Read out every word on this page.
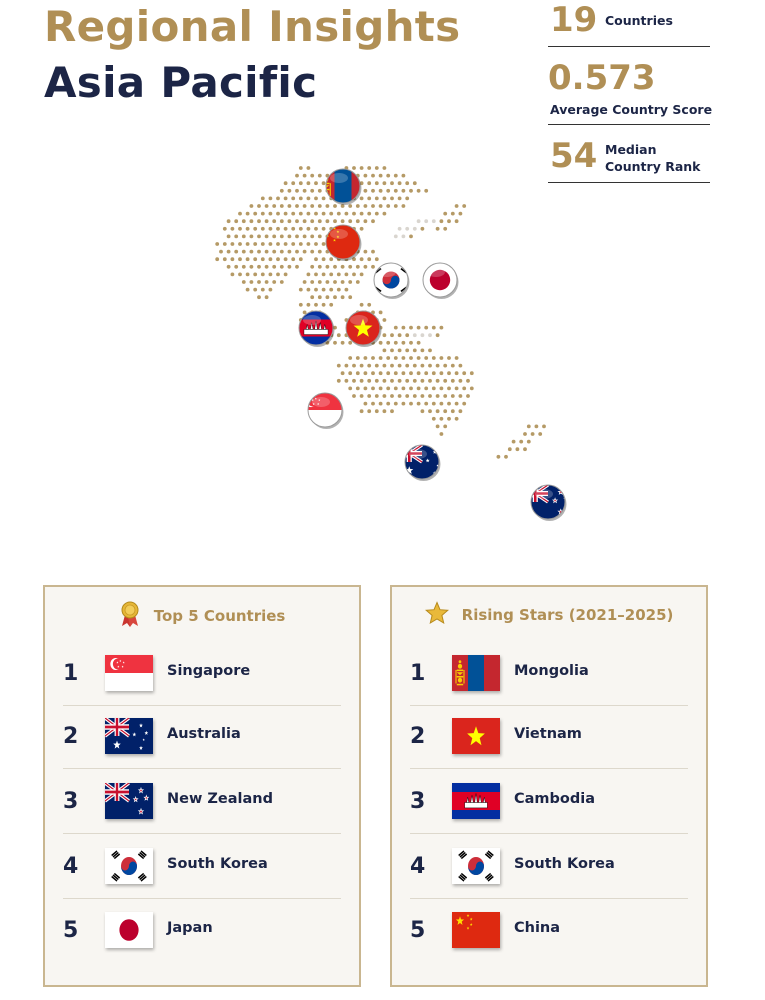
Regional Insights
Asia Pacific
19 Countries
0.573
Average Country Score
54 Median
Country Rank
Top 5 Countries
1	Singapore
2	Australia
3	New Zealand
4	South Korea
5	Japan
Rising Stars (2021–2025)
1	Mongolia
2	Vietnam
3	Cambodia
4	South Korea
5	China
